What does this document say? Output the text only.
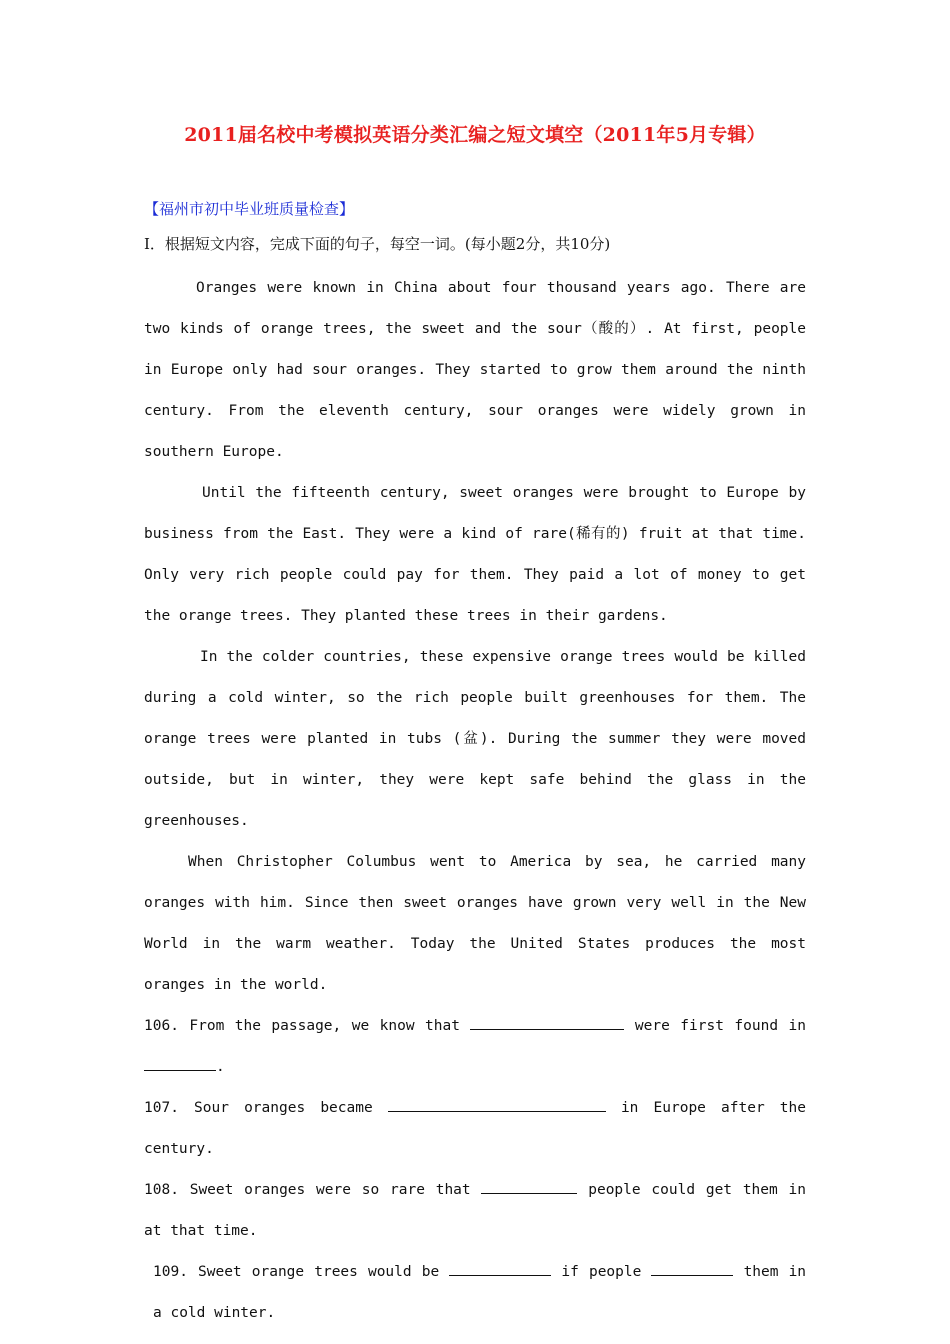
2011届名校中考模拟英语分类汇编之短文填空（2011年5月专辑）
【福州市初中毕业班质量检查】
I．根据短文内容，完成下面的句子，每空一词。(每小题2分，共10分)
Oranges were known in China about four thousand years ago. There are two kinds of orange trees, the sweet and the sour（酸的）. At first, people in Europe only had sour oranges. They started to grow them around the ninth century. From the eleventh century, sour oranges were widely grown in southern Europe.
Until the fifteenth century, sweet oranges were brought to Europe by business from the East. They were a kind of rare(稀有的) fruit at that time. Only very rich people could pay for them. They paid a lot of money to get the orange trees. They planted these trees in their gardens.
In the colder countries, these expensive orange trees would be killed during a cold winter, so the rich people built greenhouses for them. The orange trees were planted in tubs (盆). During the summer they were moved outside, but in winter, they were kept safe behind the glass in the greenhouses.
When Christopher Columbus went to America by sea, he carried many oranges with him. Since then sweet oranges have grown very well in the New World in the warm weather. Today the United States produces the most oranges in the world.
106. From the passage, we know that	were first found in .
107. Sour oranges became	in Europe after the century.
108. Sweet oranges were so rare that	people could get them in at that time.
109. Sweet orange trees would be	if people	them in a cold winter.
